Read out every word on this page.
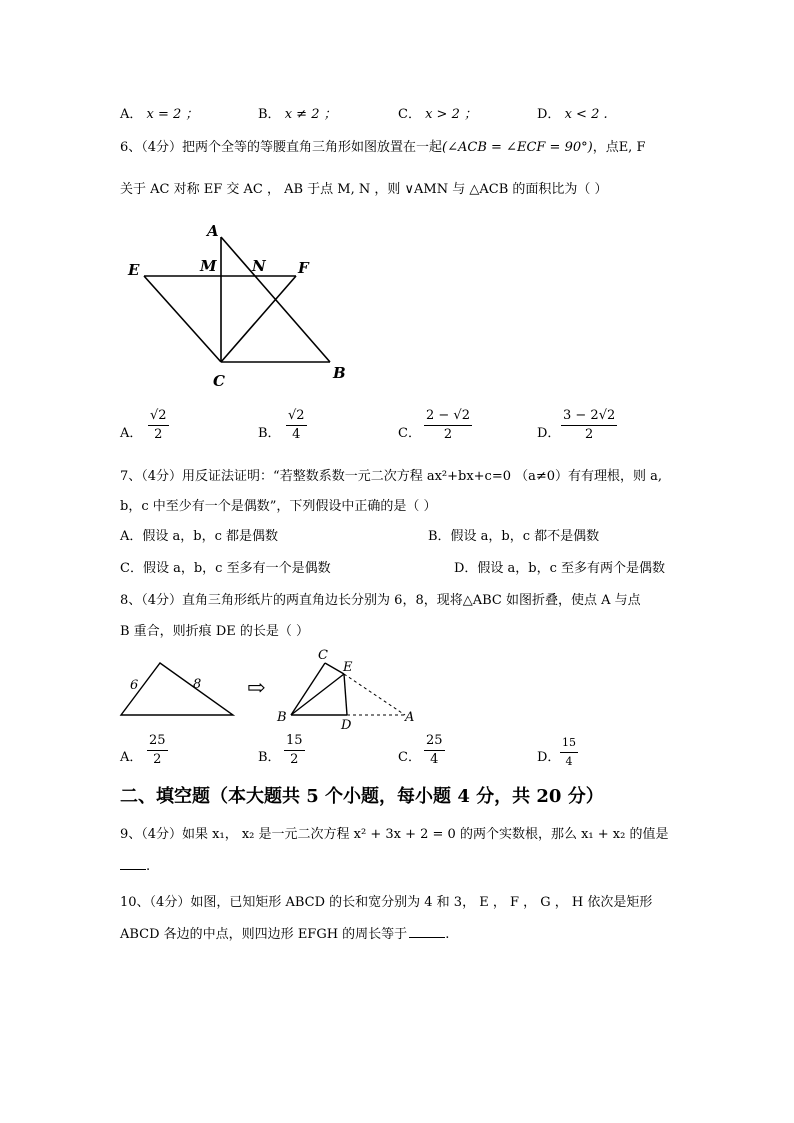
A． x = 2 ；	B． x ≠ 2 ；	C． x > 2 ；	D． x < 2 .
6、（4分）把两个全等的等腰直角三角形如图放置在一起(∠ACB = ∠ECF = 90°)，点E, F
关于 AC 对称 EF 交 AC ， AB 于点 M, N ，则 ∨AMN 与 △ACB 的面积比为（ ）
A
M N
E	F
C	B
A．
√2
2	B．
√2
4	C．
2 − √2
2	D．
3 − 2√2
2
7、（4分）用反证法证明：“若整数系数一元二次方程 ax²+bx+c=0 （a≠0）有有理根，则 a,
b，c 中至少有一个是偶数”，下列假设中正确的是（ ）
A．假设 a，b，c 都是偶数	B．假设 a，b，c 都不是偶数
C．假设 a，b，c 至多有一个是偶数	D．假设 a，b，c 至多有两个是偶数
8、（4分）直角三角形纸片的两直角边长分别为 6，8，现将△ABC 如图折叠，使点 A 与点
B 重合，则折痕 DE 的长是（ ）
6	8 ⇨
C
E
B
D
A
A．
25
2	B．
15
2	C．
25
4	D．
15
4
二、填空题（本大题共 5 个小题，每小题 4 分，共 20 分）
9、（4分）如果 x₁， x₂ 是一元二次方程 x² + 3x + 2 = 0 的两个实数根，那么 x₁ + x₂ 的值是
.
10、（4分）如图，已知矩形 ABCD 的长和宽分别为 4 和 3， E ， F ， G ， H 依次是矩形
ABCD 各边的中点，则四边形 EFGH 的周长等于	.
